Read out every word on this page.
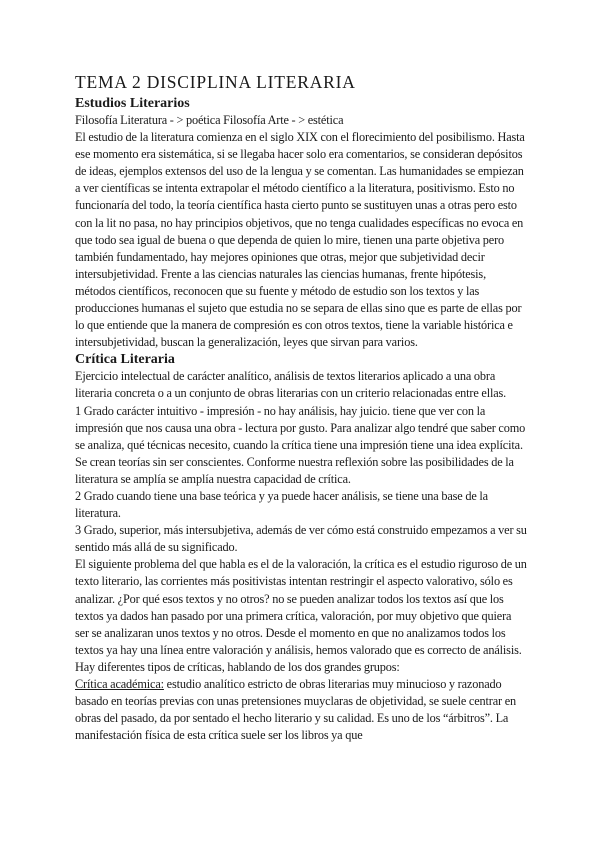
TEMA 2 DISCIPLINA LITERARIA
Estudios Literarios

Filosofía Literatura - > poética Filosofía Arte - > estética

El estudio de la literatura comienza en el siglo XIX con el florecimiento del posibilismo. Hasta ese momento era sistemática, si se llegaba hacer solo era comentarios, se consideran depósitos de ideas, ejemplos extensos del uso de la lengua y se comentan. Las humanidades se empiezan a ver científicas se intenta extrapolar el método científico a la literatura, positivismo. Esto no funcionaría del todo, la teoría científica hasta cierto punto se sustituyen unas a otras pero esto con la lit no pasa, no hay principios objetivos, que no tenga cualidades específicas no evoca en que todo sea igual de buena o que dependa de quien lo mire, tienen una parte objetiva pero también fundamentado, hay mejores opiniones que otras, mejor que subjetividad decir intersubjetividad. Frente a las ciencias naturales las ciencias humanas, frente hipótesis, métodos científicos, reconocen que su fuente y método de estudio son los textos y las producciones humanas el sujeto que estudia no se separa de ellas sino que es parte de ellas por lo que entiende que la manera de compresión es con otros textos, tiene la variable histórica e intersubjetividad, buscan la generalización, leyes que sirvan para varios.

Crítica Literaria

Ejercicio intelectual de carácter analítico, análisis de textos literarios aplicado a una obra literaria concreta o a un conjunto de obras literarias con un criterio relacionadas entre ellas.

1 Grado carácter intuitivo - impresión - no hay análisis, hay juicio. tiene que ver con la impresión que nos causa una obra - lectura por gusto. Para analizar algo tendré que saber como se analiza, qué técnicas necesito, cuando la crítica tiene una impresión tiene una idea explícita. Se crean teorías sin ser conscientes. Conforme nuestra reflexión sobre las posibilidades de la literatura se amplía se amplía nuestra capacidad de crítica.

2 Grado cuando tiene una base teórica y ya puede hacer análisis, se tiene una base de la literatura.

3 Grado, superior, más intersubjetiva, además de ver cómo está construido empezamos a ver su sentido más allá de su significado.

El siguiente problema del que habla es el de la valoración, la crítica es el estudio riguroso de un texto literario, las corrientes más positivistas intentan restringir el aspecto valorativo, sólo es analizar. ¿Por qué esos textos y no otros? no se pueden analizar todos los textos así que los textos ya dados han pasado por una primera crítica, valoración, por muy objetivo que quiera ser se analizaran unos textos y no otros. Desde el momento en que no analizamos todos los textos ya hay una línea entre valoración y análisis, hemos valorado que es correcto de análisis.

Hay diferentes tipos de críticas, hablando de los dos grandes grupos:

Crítica académica: estudio analítico estricto de obras literarias muy minucioso y razonado basado en teorías previas con unas pretensiones muyclaras de objetividad, se suele centrar en obras del pasado, da por sentado el hecho literario y su calidad. Es uno de los “árbitros”. La manifestación física de esta crítica suele ser los libros ya que
